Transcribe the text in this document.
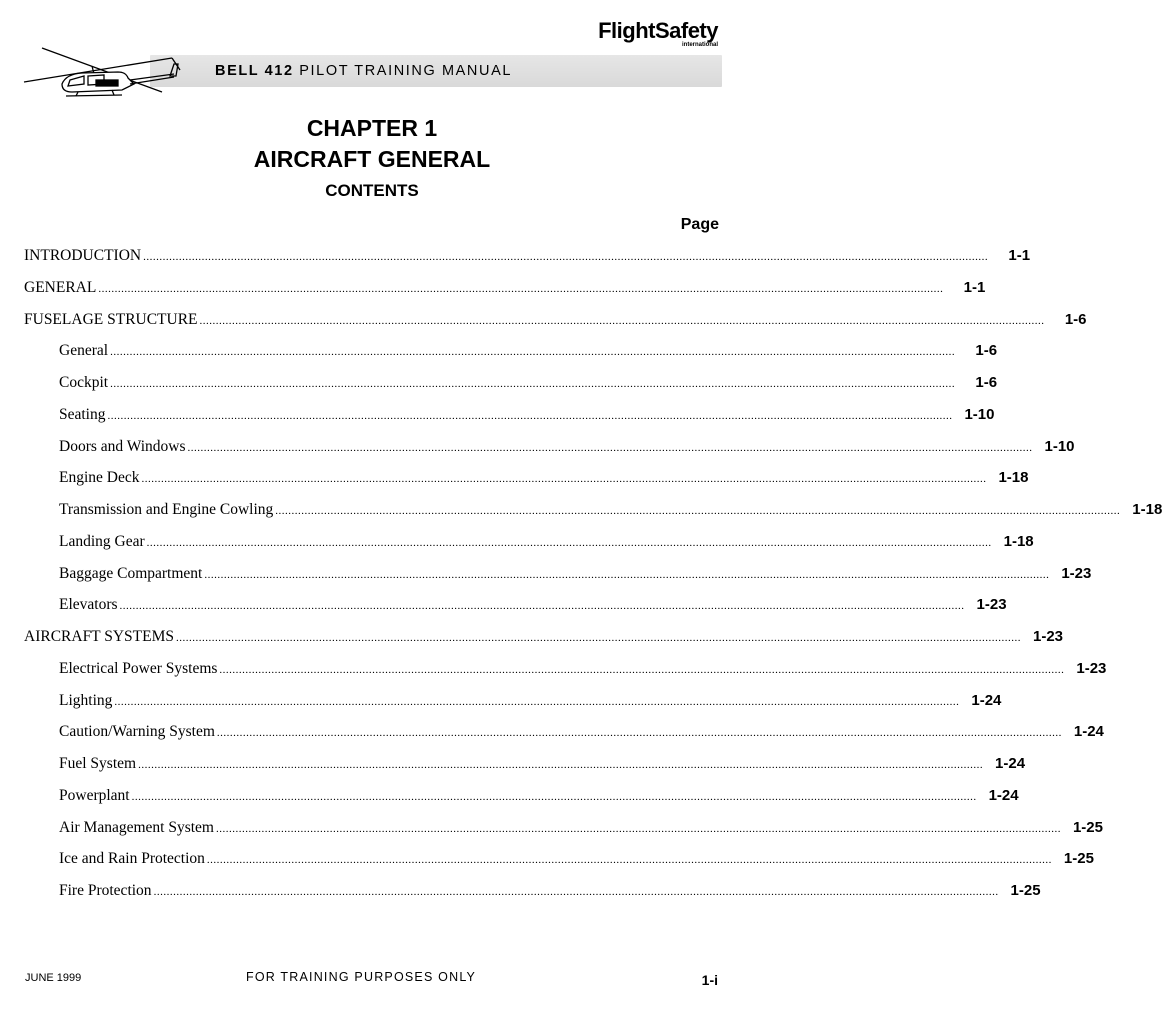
FlightSafety
international
BELL 412 PILOT TRAINING MANUAL
CHAPTER 1
AIRCRAFT GENERAL
CONTENTS
Page
INTRODUCTION ....................................................................................................................................................................................................................................................................	1-1
GENERAL ....................................................................................................................................................................................................................................................................	1-1
FUSELAGE STRUCTURE ....................................................................................................................................................................................................................................................................	1-6
General ....................................................................................................................................................................................................................................................................	1-6
Cockpit ....................................................................................................................................................................................................................................................................	1-6
Seating .................................................................................................................................................................................................................................................................... 1-10
Doors and Windows .................................................................................................................................................................................................................................................................... 1-10
Engine Deck .................................................................................................................................................................................................................................................................... 1-18
Transmission and Engine Cowling .................................................................................................................................................................................................................................................................... 1-18
Landing Gear .................................................................................................................................................................................................................................................................... 1-18
Baggage Compartment .................................................................................................................................................................................................................................................................... 1-23
Elevators .................................................................................................................................................................................................................................................................... 1-23
AIRCRAFT SYSTEMS .................................................................................................................................................................................................................................................................... 1-23
Electrical Power Systems .................................................................................................................................................................................................................................................................... 1-23
Lighting .................................................................................................................................................................................................................................................................... 1-24
Caution/Warning System .................................................................................................................................................................................................................................................................... 1-24
Fuel System .................................................................................................................................................................................................................................................................... 1-24
Powerplant .................................................................................................................................................................................................................................................................... 1-24
Air Management System .................................................................................................................................................................................................................................................................... 1-25
Ice and Rain Protection .................................................................................................................................................................................................................................................................... 1-25
Fire Protection .................................................................................................................................................................................................................................................................... 1-25
JUNE 1999	FOR TRAINING PURPOSES ONLY	1-i
